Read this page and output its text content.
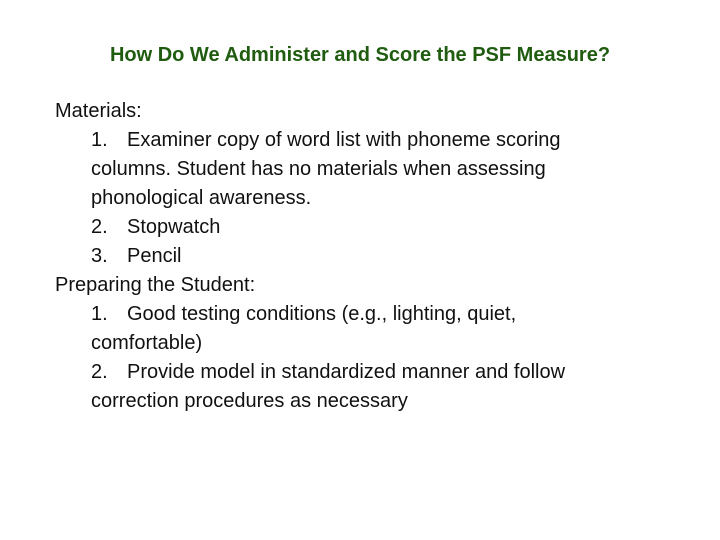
How Do We Administer and Score the PSF Measure?
Materials:
1. Examiner copy of word list with phoneme scoring
columns. Student has no materials when assessing
phonological awareness.
2. Stopwatch
3. Pencil
Preparing the Student:
1. Good testing conditions (e.g., lighting, quiet,
comfortable)
2. Provide model in standardized manner and follow
correction procedures as necessary
